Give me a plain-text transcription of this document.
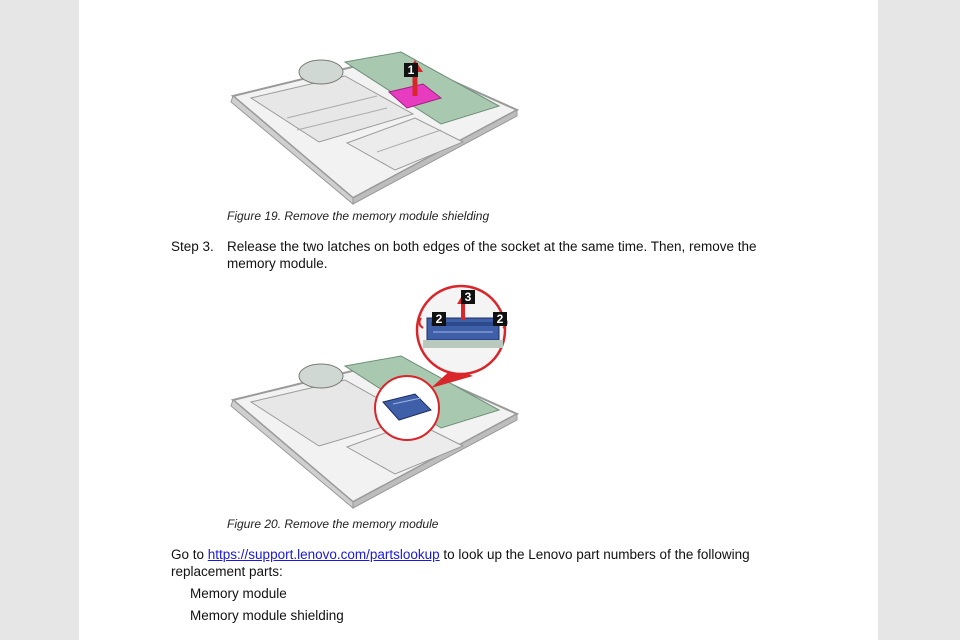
1
Figure 19. Remove the memory module shielding
Step 3. Release the two latches on both edges of the socket at the same time. Then, remove the memory module.
3
2	2
Figure 20. Remove the memory module
Go to https://support.lenovo.com/partslookup to look up the Lenovo part numbers of the following replacement parts:
Memory module
Memory module shielding
